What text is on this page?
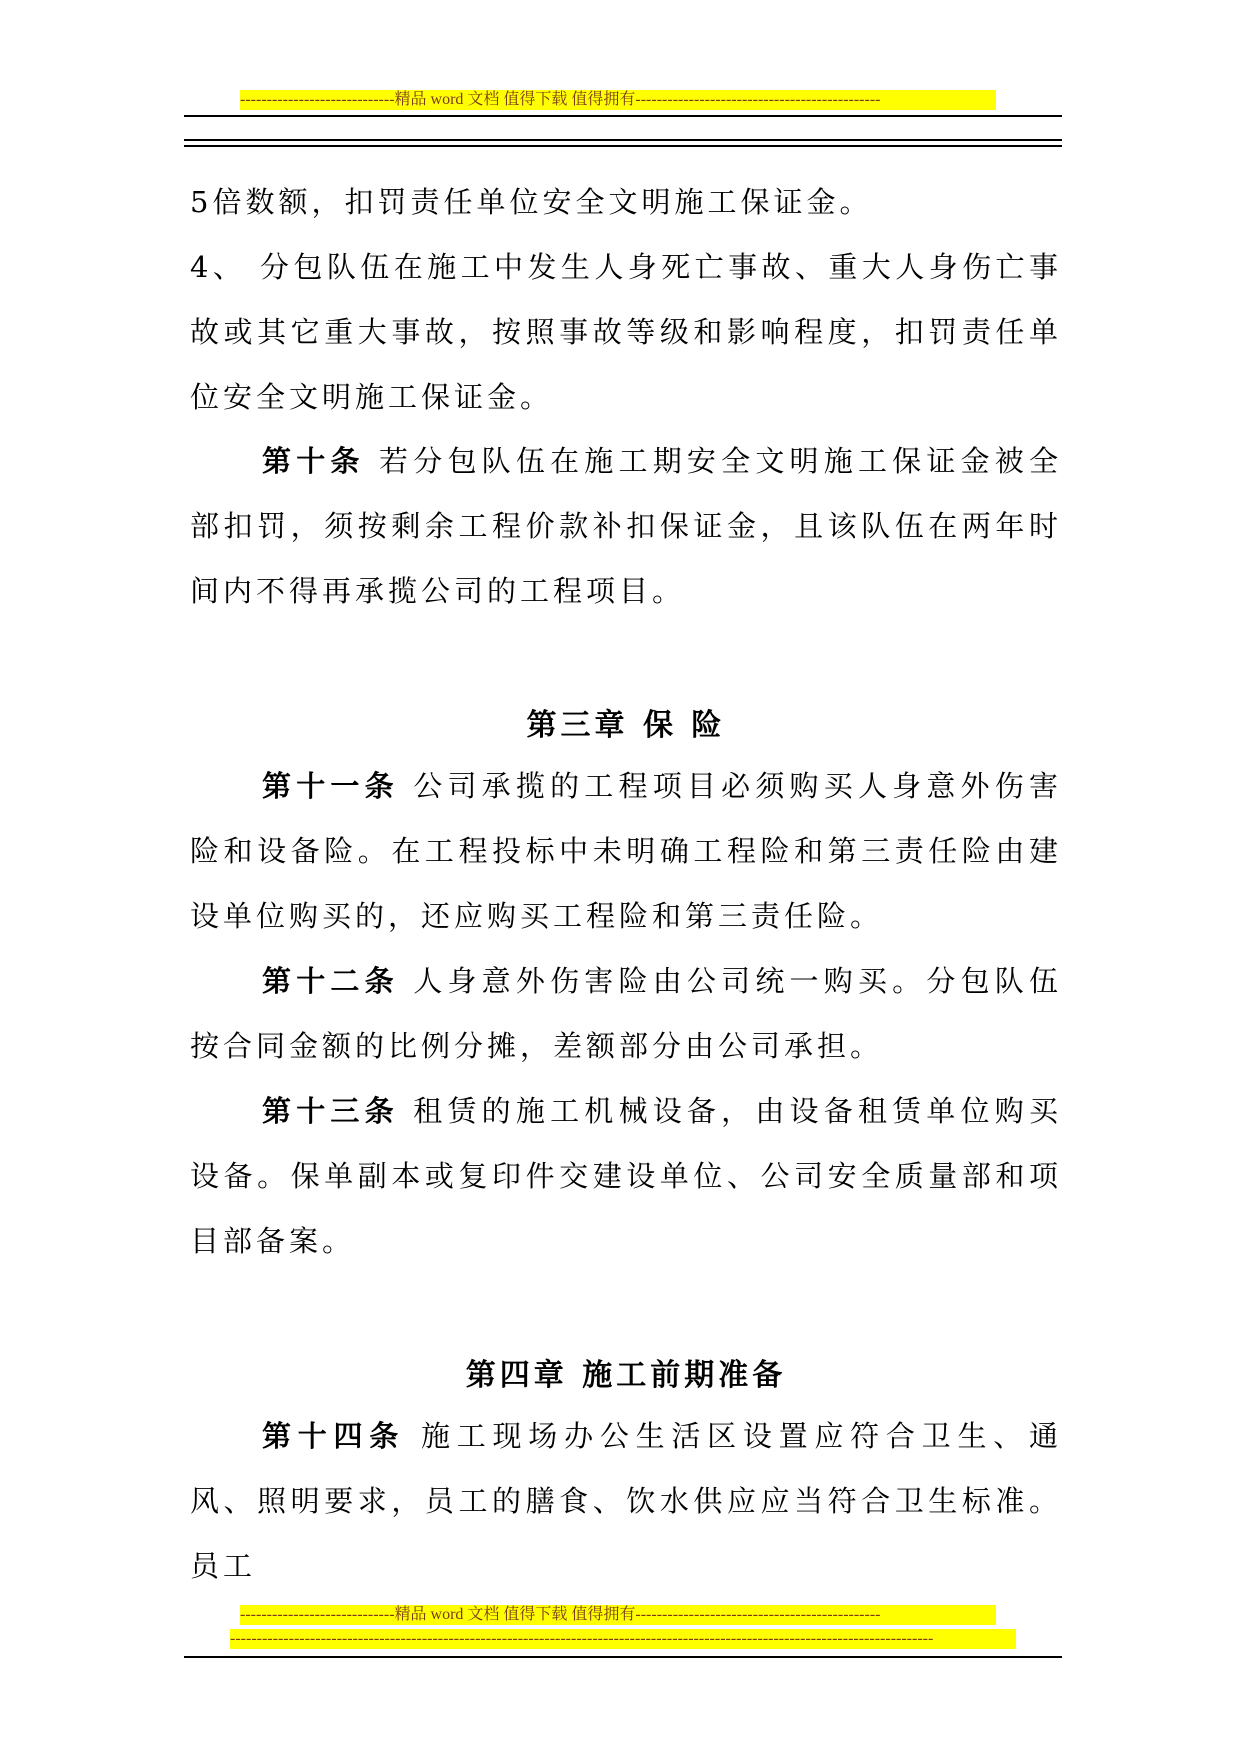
-----------------------------精品 word 文档 值得下载 值得拥有----------------------------------------------

5倍数额，扣罚责任单位安全文明施工保证金。

4、 分包队伍在施工中发生人身死亡事故、重大人身伤亡事故或其它重大事故，按照事故等级和影响程度，扣罚责任单位安全文明施工保证金。

第十条 若分包队伍在施工期安全文明施工保证金被全部扣罚，须按剩余工程价款补扣保证金，且该队伍在两年时间内不得再承揽公司的工程项目。

第三章 保 险

第十一条 公司承揽的工程项目必须购买人身意外伤害险和设备险。在工程投标中未明确工程险和第三责任险由建设单位购买的，还应购买工程险和第三责任险。

第十二条 人身意外伤害险由公司统一购买。分包队伍按合同金额的比例分摊，差额部分由公司承担。

第十三条 租赁的施工机械设备，由设备租赁单位购买设备。保单副本或复印件交建设单位、公司安全质量部和项目部备案。

第四章 施工前期准备

第十四条 施工现场办公生活区设置应符合卫生、通风、照明要求，员工的膳食、饮水供应应当符合卫生标准。员工

-----------------------------精品 word 文档 值得下载 值得拥有----------------------------------------------
------------------------------------------------------------------------------------------------------------------------------------
